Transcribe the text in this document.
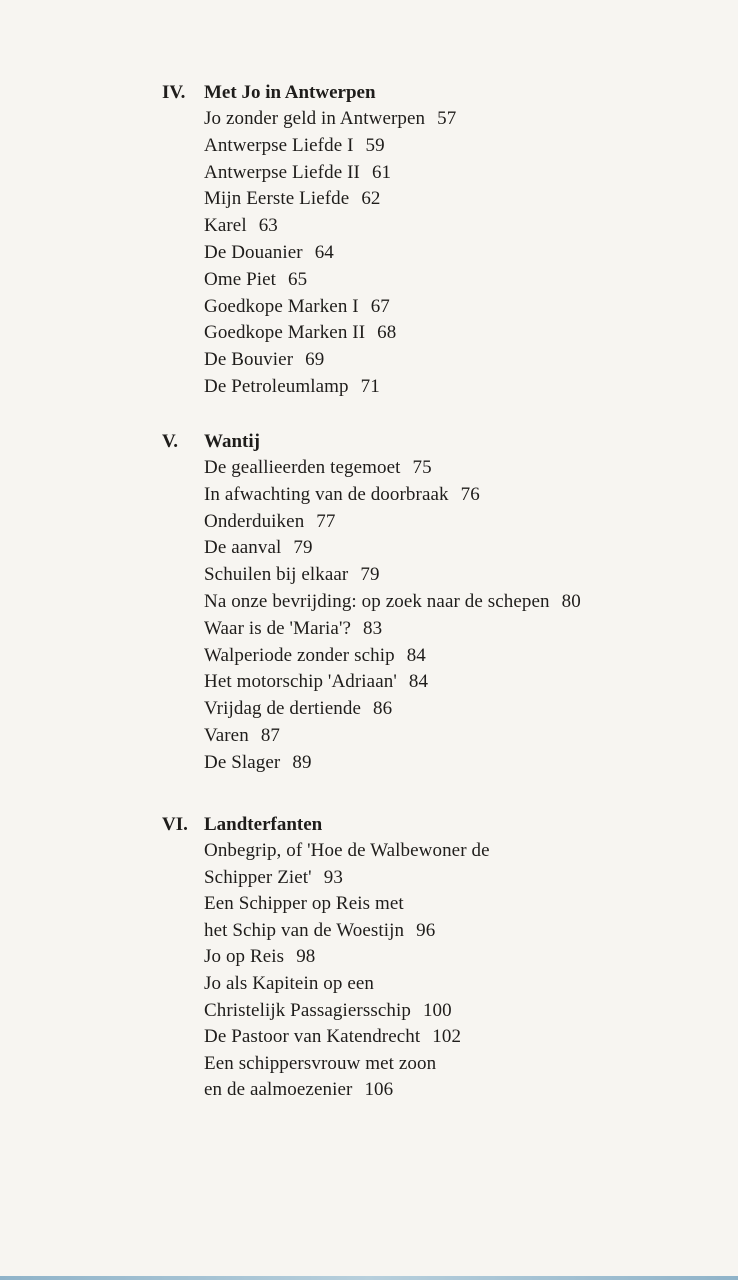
IV. Met Jo in Antwerpen
Jo zonder geld in Antwerpen 57
Antwerpse Liefde I 59
Antwerpse Liefde II 61
Mijn Eerste Liefde 62
Karel 63
De Douanier 64
Ome Piet 65
Goedkope Marken I 67
Goedkope Marken II 68
De Bouvier 69
De Petroleumlamp 71
V. Wantij
De geallieerden tegemoet 75
In afwachting van de doorbraak 76
Onderduiken 77
De aanval 79
Schuilen bij elkaar 79
Na onze bevrijding: op zoek naar de schepen 80
Waar is de 'Maria'? 83
Walperiode zonder schip 84
Het motorschip 'Adriaan' 84
Vrijdag de dertiende 86
Varen 87
De Slager 89
VI. Landterfanten
Onbegrip, of 'Hoe de Walbewoner de
Schipper Ziet' 93
Een Schipper op Reis met
het Schip van de Woestijn 96
Jo op Reis 98
Jo als Kapitein op een
Christelijk Passagiersschip 100
De Pastoor van Katendrecht 102
Een schippersvrouw met zoon
en de aalmoezenier 106
